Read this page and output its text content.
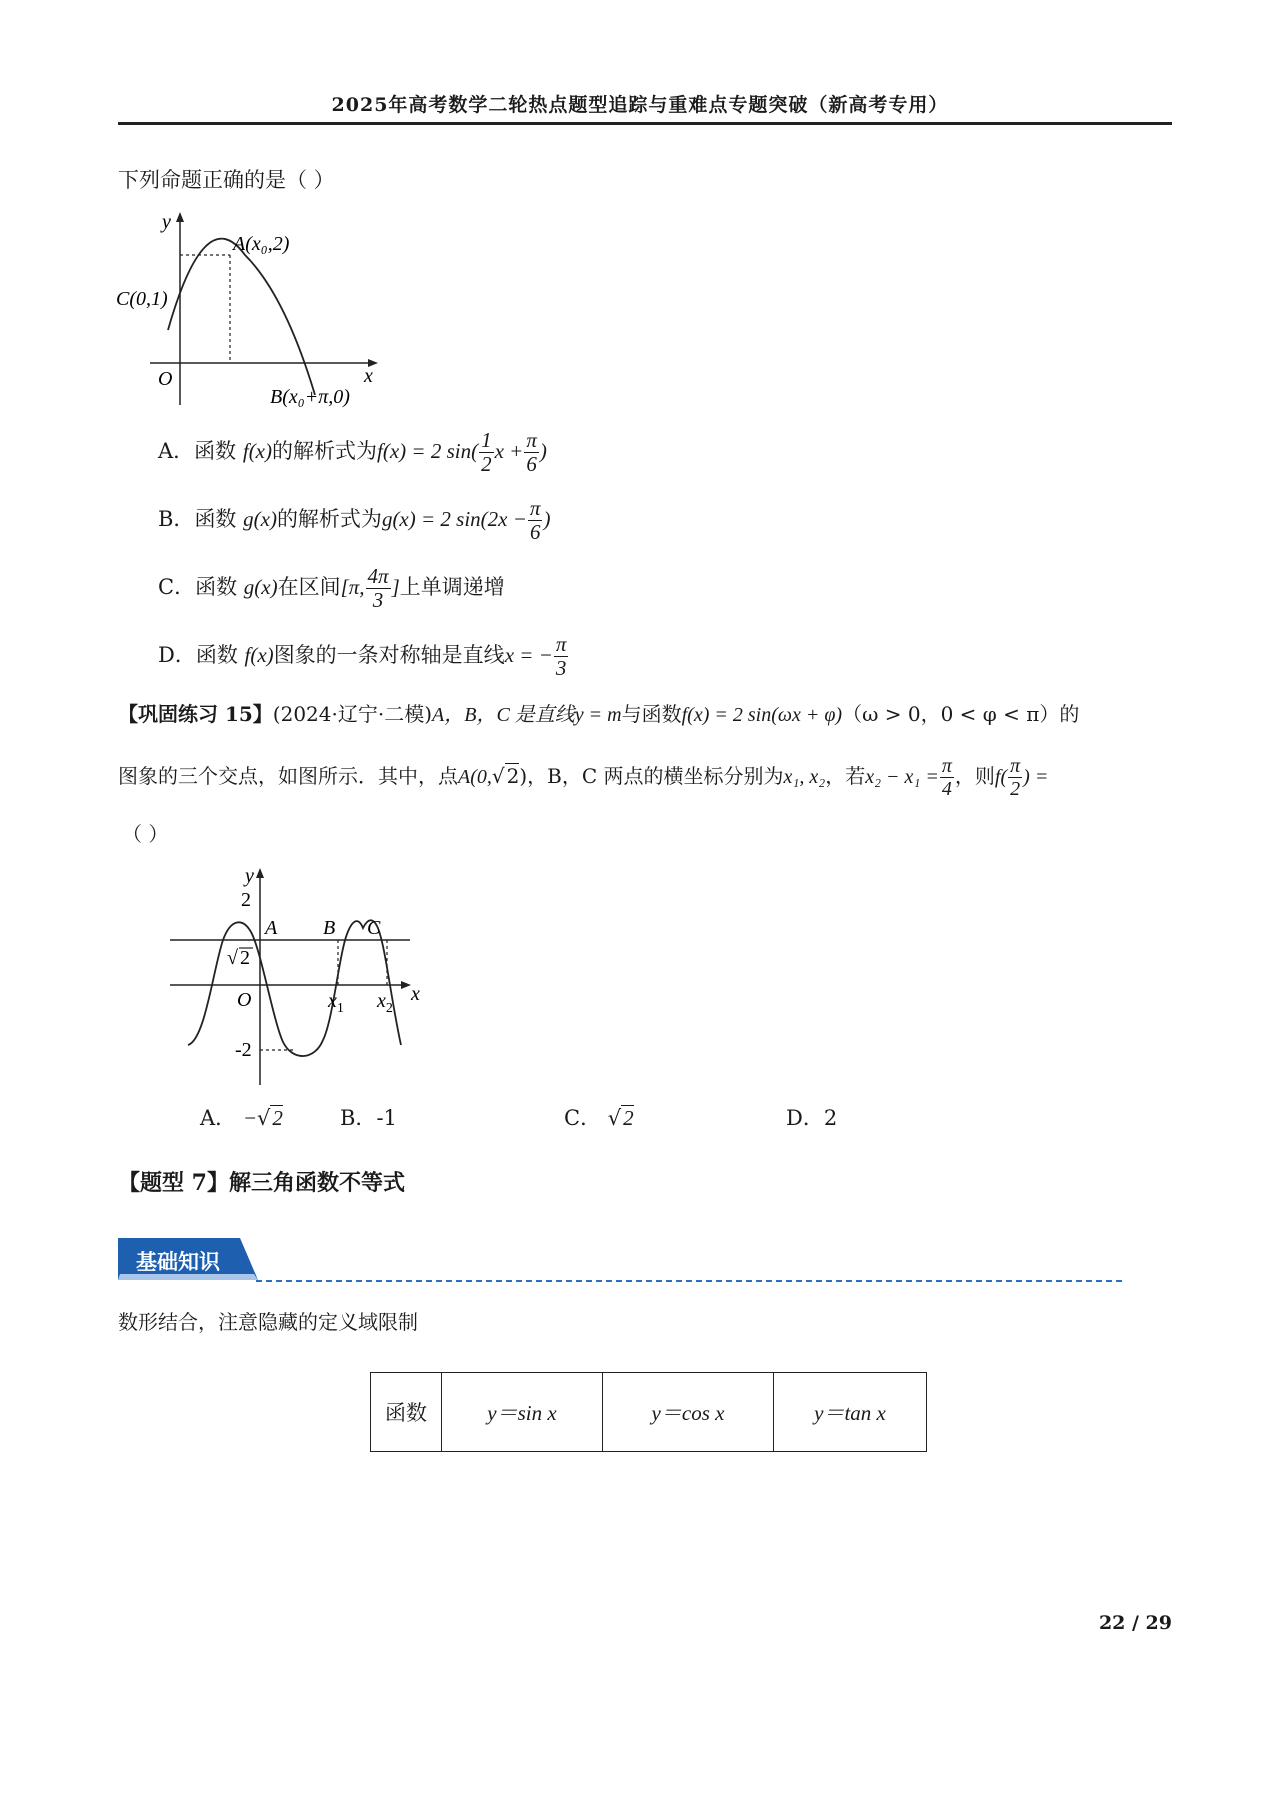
2025年高考数学二轮热点题型追踪与重难点专题突破（新高考专用）
下列命题正确的是（ ）
y
x
O
A(x₀,2)
C(0,1)
B(x₀+π,0)
A．函数 f(x)的解析式为f(x) = 2 $\sin( \frac{1}{2}$ $x + \frac{\pi}{6}$ )
B．函数 g(x)的解析式为g(x) = 2 $\sin(2x - \frac{\pi}{6}$ )
C．函数 g(x)在区间[π, $\frac{4\pi}{3}$ ]上单调递增
D．函数 f(x)图象的一条对称轴是直线x = − $\frac{\pi}{3}$
【巩固练习 15】(2024·辽宁·二模)A，B，C 是直线y = m与函数f(x) = 2 sin(ωx + φ)（ω > 0，0 < φ < π）的
图象的三个交点，如图所示．其中，点A(0,√ 2)，B，C 两点的横坐标分别为x₁, x₂，若$x_2 - x_1 = \frac{\pi}{4}$ ，则$f( \frac{\pi}{2}$ ) =
（ ）
y
x
O
2
√ 2
-2
A B C
$x_1$ $x_2$
A． −√2	B．-1	C． √2	D．2
【题型 7】解三角函数不等式
基础知识
数形结合，注意隐藏的定义域限制
函数	y＝sin x	y＝cos x	y＝tan x
22 / 29
